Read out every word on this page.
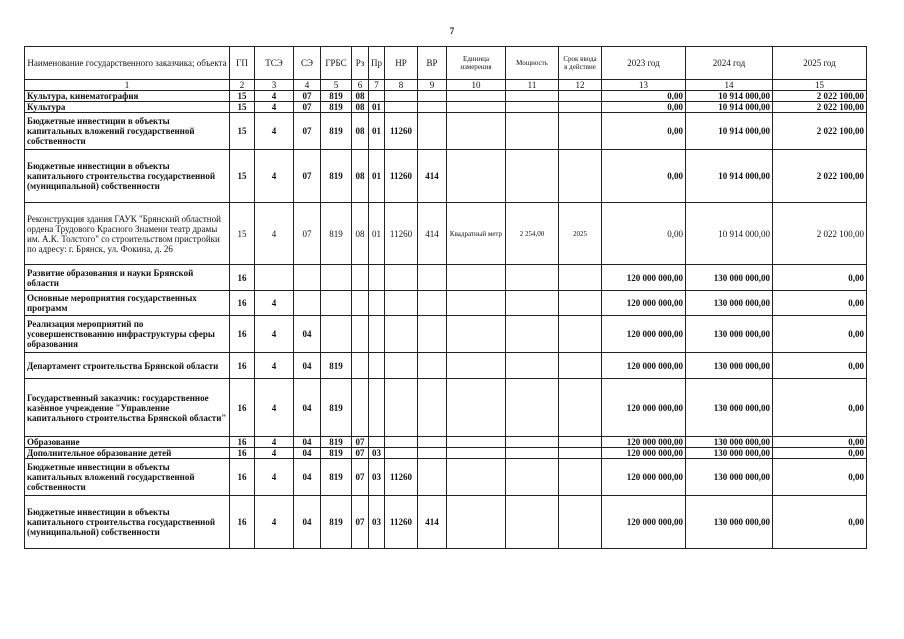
7
Наименование государственного заказчика; объекта	ГП	ТСЭ	СЭ	ГРБС	Рз	Пр	НР	ВР	Единица измерения	Мощность	Срок ввода в действие	2023 год	2024 год	2025 год
1	2	3	4	5	6	7	8	9	10	11	12	13	14	15
Культура, кинематография	15	4	07	819	08							0,00	10 914 000,00	2 022 100,00
Культура	15	4	07	819	08	01						0,00	10 914 000,00	2 022 100,00
Бюджетные инвестиции в объекты капитальных вложений государственной собственности	15	4	07	819	08	01	11260					0,00	10 914 000,00	2 022 100,00
Бюджетные инвестиции в объекты капитального строительства государственной (муниципальной) собственности	15	4	07	819	08	01	11260	414				0,00	10 914 000,00	2 022 100,00
Реконструкция здания ГАУК "Брянский областной ордена Трудового Красного Знамени театр драмы им. А.К. Толстого" со строительством пристройки по адресу: г. Брянск, ул. Фокина, д. 26	15	4	07	819	08	01	11260	414	Квадратный метр	2 254,00	2025	0,00	10 914 000,00	2 022 100,00
Развитие образования и науки Брянской области	16											120 000 000,00	130 000 000,00	0,00
Основные мероприятия государственных программ	16	4										120 000 000,00	130 000 000,00	0,00
Реализация мероприятий по усовершенствованию инфраструктуры сферы образования	16	4	04									120 000 000,00	130 000 000,00	0,00
Департамент строительства Брянской области	16	4	04	819								120 000 000,00	130 000 000,00	0,00
Государственный заказчик: государственное казённое учреждение "Управление капитального строительства Брянской области"	16	4	04	819								120 000 000,00	130 000 000,00	0,00
Образование	16	4	04	819	07							120 000 000,00	130 000 000,00	0,00
Дополнительное образование детей	16	4	04	819	07	03						120 000 000,00	130 000 000,00	0,00
Бюджетные инвестиции в объекты капитальных вложений государственной собственности	16	4	04	819	07	03	11260					120 000 000,00	130 000 000,00	0,00
Бюджетные инвестиции в объекты капитального строительства государственной (муниципальной) собственности	16	4	04	819	07	03	11260	414				120 000 000,00	130 000 000,00	0,00
